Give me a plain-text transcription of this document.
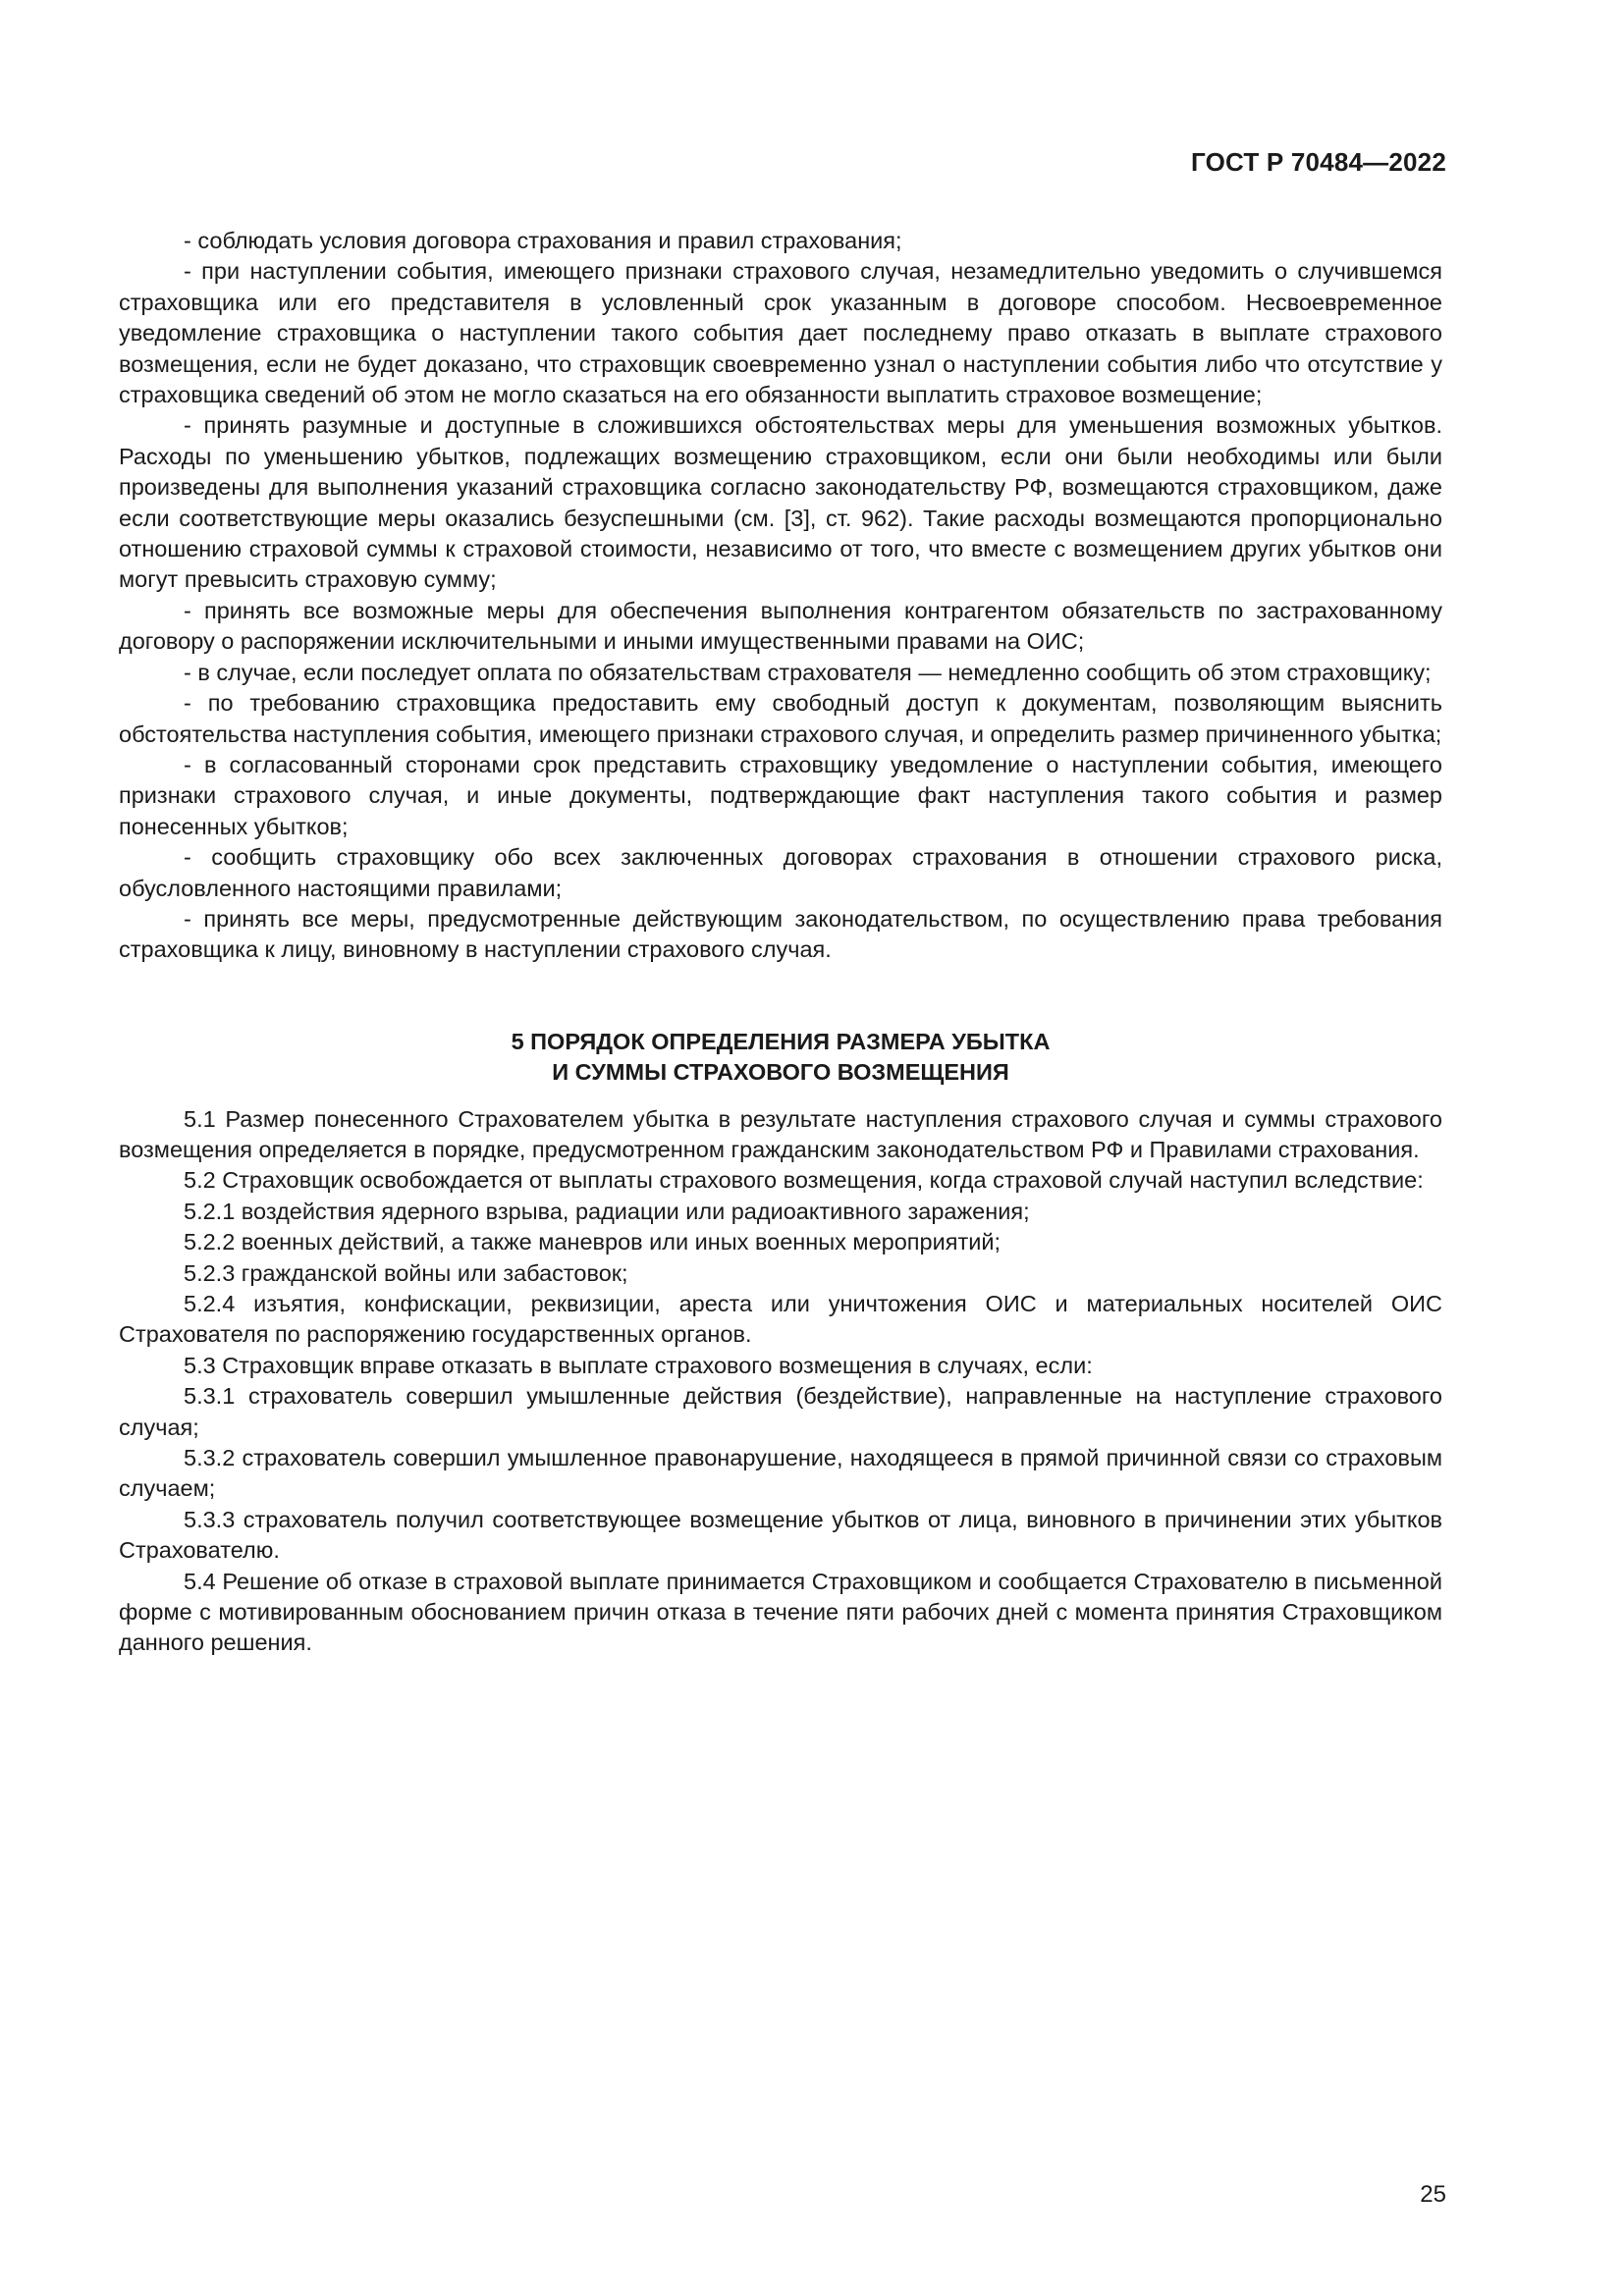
ГОСТ Р 70484—2022

- соблюдать условия договора страхования и правил страхования;

- при наступлении события, имеющего признаки страхового случая, незамедлительно уведомить о случившемся страховщика или его представителя в условленный срок указанным в договоре способом. Несвоевременное уведомление страховщика о наступлении такого события дает последнему право отказать в выплате страхового возмещения, если не будет доказано, что страховщик своевременно узнал о наступлении события либо что отсутствие у страховщика сведений об этом не могло сказаться на его обязанности выплатить страховое возмещение;

- принять разумные и доступные в сложившихся обстоятельствах меры для уменьшения возможных убытков. Расходы по уменьшению убытков, подлежащих возмещению страховщиком, если они были необходимы или были произведены для выполнения указаний страховщика согласно законодательству РФ, возмещаются страховщиком, даже если соответствующие меры оказались безуспешными (см. [3], ст. 962). Такие расходы возмещаются пропорционально отношению страховой суммы к страховой стоимости, независимо от того, что вместе с возмещением других убытков они могут превысить страховую сумму;

- принять все возможные меры для обеспечения выполнения контрагентом обязательств по застрахованному договору о распоряжении исключительными и иными имущественными правами на ОИС;

- в случае, если последует оплата по обязательствам страхователя — немедленно сообщить об этом страховщику;

- по требованию страховщика предоставить ему свободный доступ к документам, позволяющим выяснить обстоятельства наступления события, имеющего признаки страхового случая, и определить размер причиненного убытка;

- в согласованный сторонами срок представить страховщику уведомление о наступлении события, имеющего признаки страхового случая, и иные документы, подтверждающие факт наступления такого события и размер понесенных убытков;

- сообщить страховщику обо всех заключенных договорах страхования в отношении страхового риска, обусловленного настоящими правилами;

- принять все меры, предусмотренные действующим законодательством, по осуществлению права требования страховщика к лицу, виновному в наступлении страхового случая.

5 ПОРЯДОК ОПРЕДЕЛЕНИЯ РАЗМЕРА УБЫТКА
И СУММЫ СТРАХОВОГО ВОЗМЕЩЕНИЯ

5.1 Размер понесенного Страхователем убытка в результате наступления страхового случая и суммы страхового возмещения определяется в порядке, предусмотренном гражданским законодательством РФ и Правилами страхования.

5.2 Страховщик освобождается от выплаты страхового возмещения, когда страховой случай наступил вследствие:

5.2.1 воздействия ядерного взрыва, радиации или радиоактивного заражения;

5.2.2 военных действий, а также маневров или иных военных мероприятий;

5.2.3 гражданской войны или забастовок;

5.2.4 изъятия, конфискации, реквизиции, ареста или уничтожения ОИС и материальных носителей ОИС Страхователя по распоряжению государственных органов.

5.3 Страховщик вправе отказать в выплате страхового возмещения в случаях, если:

5.3.1 страхователь совершил умышленные действия (бездействие), направленные на наступление страхового случая;

5.3.2 страхователь совершил умышленное правонарушение, находящееся в прямой причинной связи со страховым случаем;

5.3.3 страхователь получил соответствующее возмещение убытков от лица, виновного в причинении этих убытков Страхователю.

5.4 Решение об отказе в страховой выплате принимается Страховщиком и сообщается Страхователю в письменной форме с мотивированным обоснованием причин отказа в течение пяти рабочих дней с момента принятия Страховщиком данного решения.

25
